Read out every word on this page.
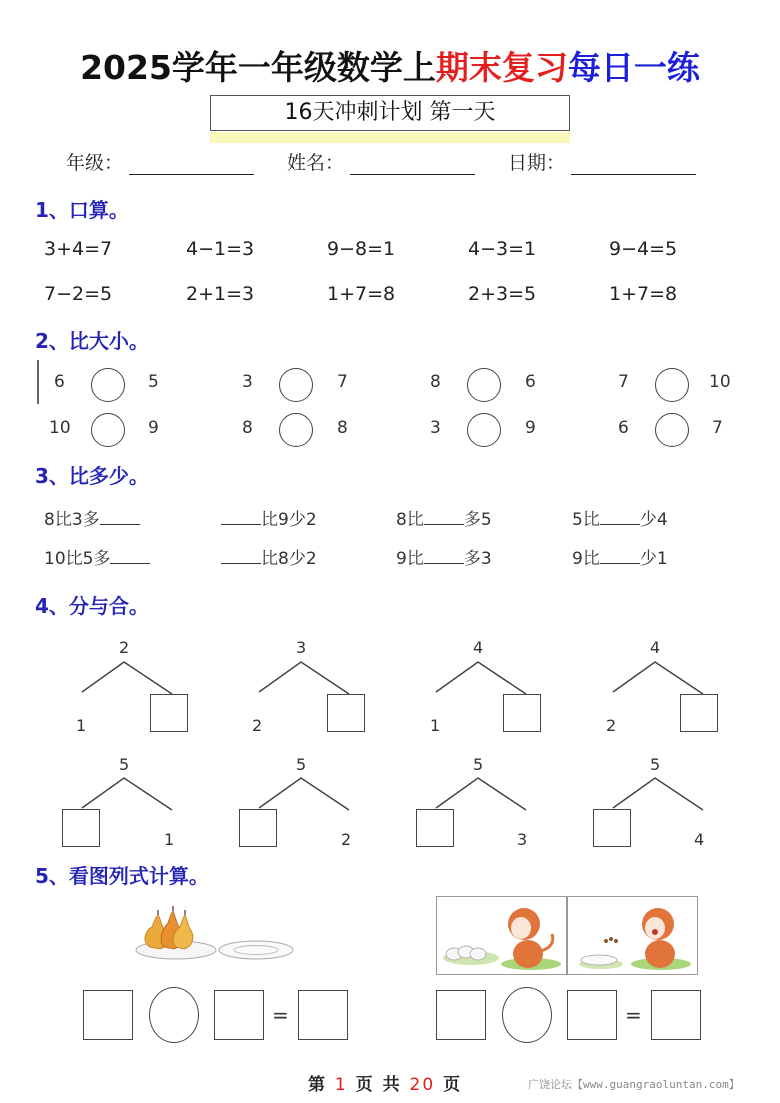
2025学年一年级数学上期末复习每日一练
16天冲刺计划 第一天
年级：	姓名：	日期：
1、口算。
3+4=7	4−1=3	9−8=1	4−3=1	9−4=5
7−2=5	2+1=3	1+7=8	2+3=5	1+7=8
2、比大小。
6	5	3	7	8	6	7	10
10	9	8	8	3	9	6	7
3、比多少。
8比3多	比9少2	8比 多5	5比 少4
10比5多	比8少2	9比 多3	9比 少1
4、分与合。
2
1
3
2
4
1
4
2
5
1
5
2
5
3
5
4
5、看图列式计算。
=	=
第 1 页 共 20 页	广饶论坛【www.guangraoluntan.com】
